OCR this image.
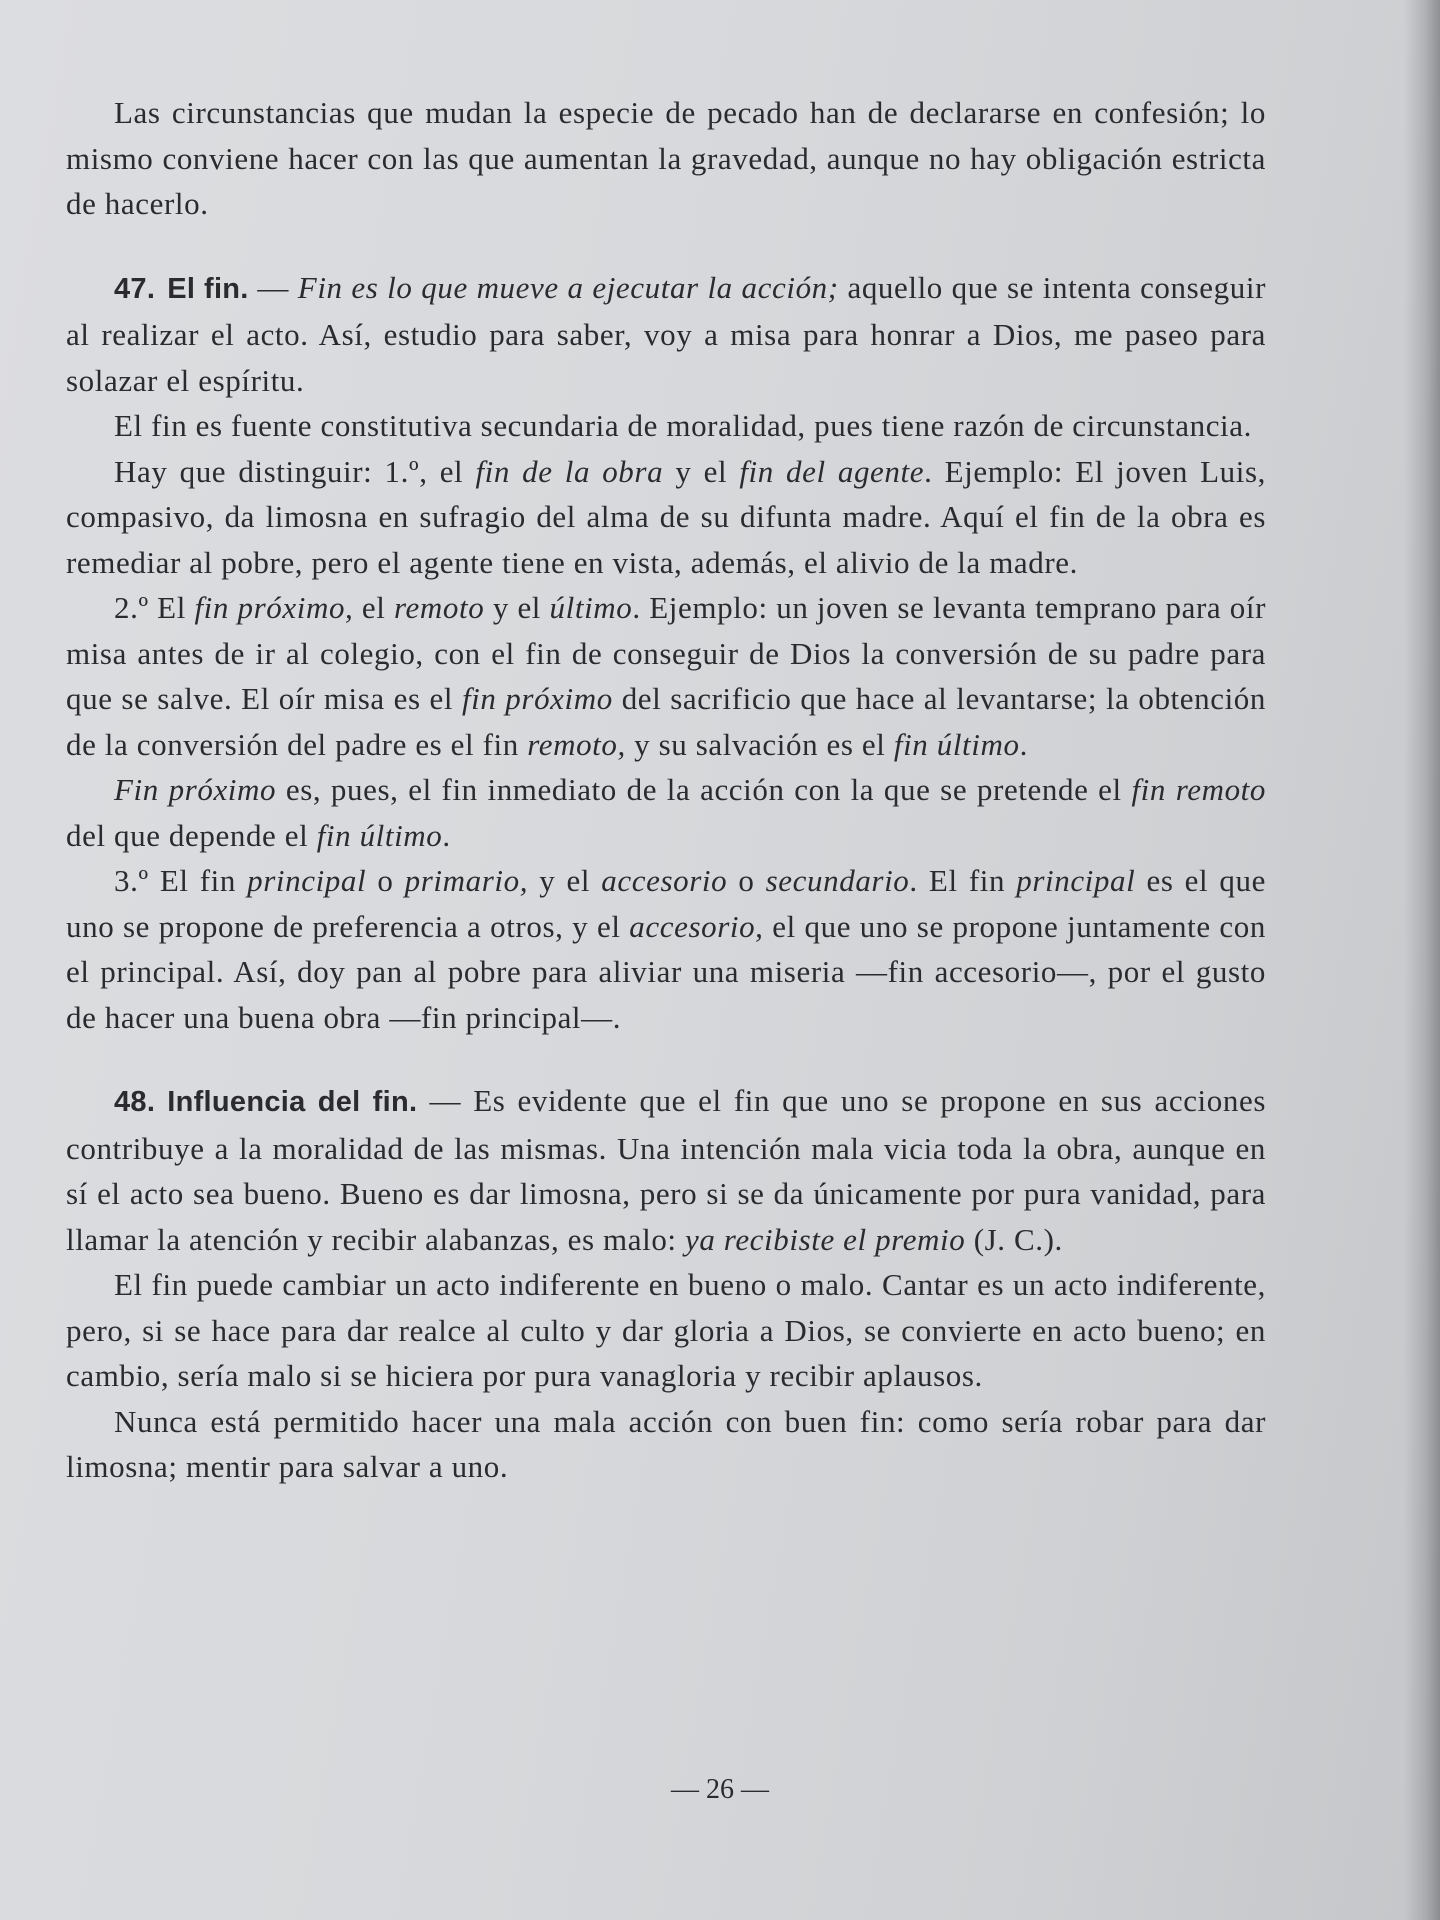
Las circunstancias que mudan la especie de pecado han de declararse en confesión; lo mismo conviene hacer con las que aumentan la gravedad, aunque no hay obligación estricta de hacerlo.

47. El fin. — Fin es lo que mueve a ejecutar la acción; aquello que se intenta conseguir al realizar el acto. Así, estudio para saber, voy a misa para honrar a Dios, me paseo para solazar el espíritu.

El fin es fuente constitutiva secundaria de moralidad, pues tiene razón de circunstancia.

Hay que distinguir: 1.º, el fin de la obra y el fin del agente. Ejemplo: El joven Luis, compasivo, da limosna en sufragio del alma de su difunta madre. Aquí el fin de la obra es remediar al pobre, pero el agente tiene en vista, además, el alivio de la madre.

2.º El fin próximo, el remoto y el último. Ejemplo: un joven se levanta temprano para oír misa antes de ir al colegio, con el fin de conseguir de Dios la conversión de su padre para que se salve. El oír misa es el fin próximo del sacrificio que hace al levantarse; la obtención de la conversión del padre es el fin remoto, y su salvación es el fin último.

Fin próximo es, pues, el fin inmediato de la acción con la que se pretende el fin remoto del que depende el fin último.

3.º El fin principal o primario, y el accesorio o secundario. El fin principal es el que uno se propone de preferencia a otros, y el accesorio, el que uno se propone juntamente con el principal. Así, doy pan al pobre para aliviar una miseria —fin accesorio—, por el gusto de hacer una buena obra —fin principal—.

48. Influencia del fin. — Es evidente que el fin que uno se propone en sus acciones contribuye a la moralidad de las mismas. Una intención mala vicia toda la obra, aunque en sí el acto sea bueno. Bueno es dar limosna, pero si se da únicamente por pura vanidad, para llamar la atención y recibir alabanzas, es malo: ya recibiste el premio (J. C.).

El fin puede cambiar un acto indiferente en bueno o malo. Cantar es un acto indiferente, pero, si se hace para dar realce al culto y dar gloria a Dios, se convierte en acto bueno; en cambio, sería malo si se hiciera por pura vanagloria y recibir aplausos.

Nunca está permitido hacer una mala acción con buen fin: como sería robar para dar limosna; mentir para salvar a uno.

— 26 —
